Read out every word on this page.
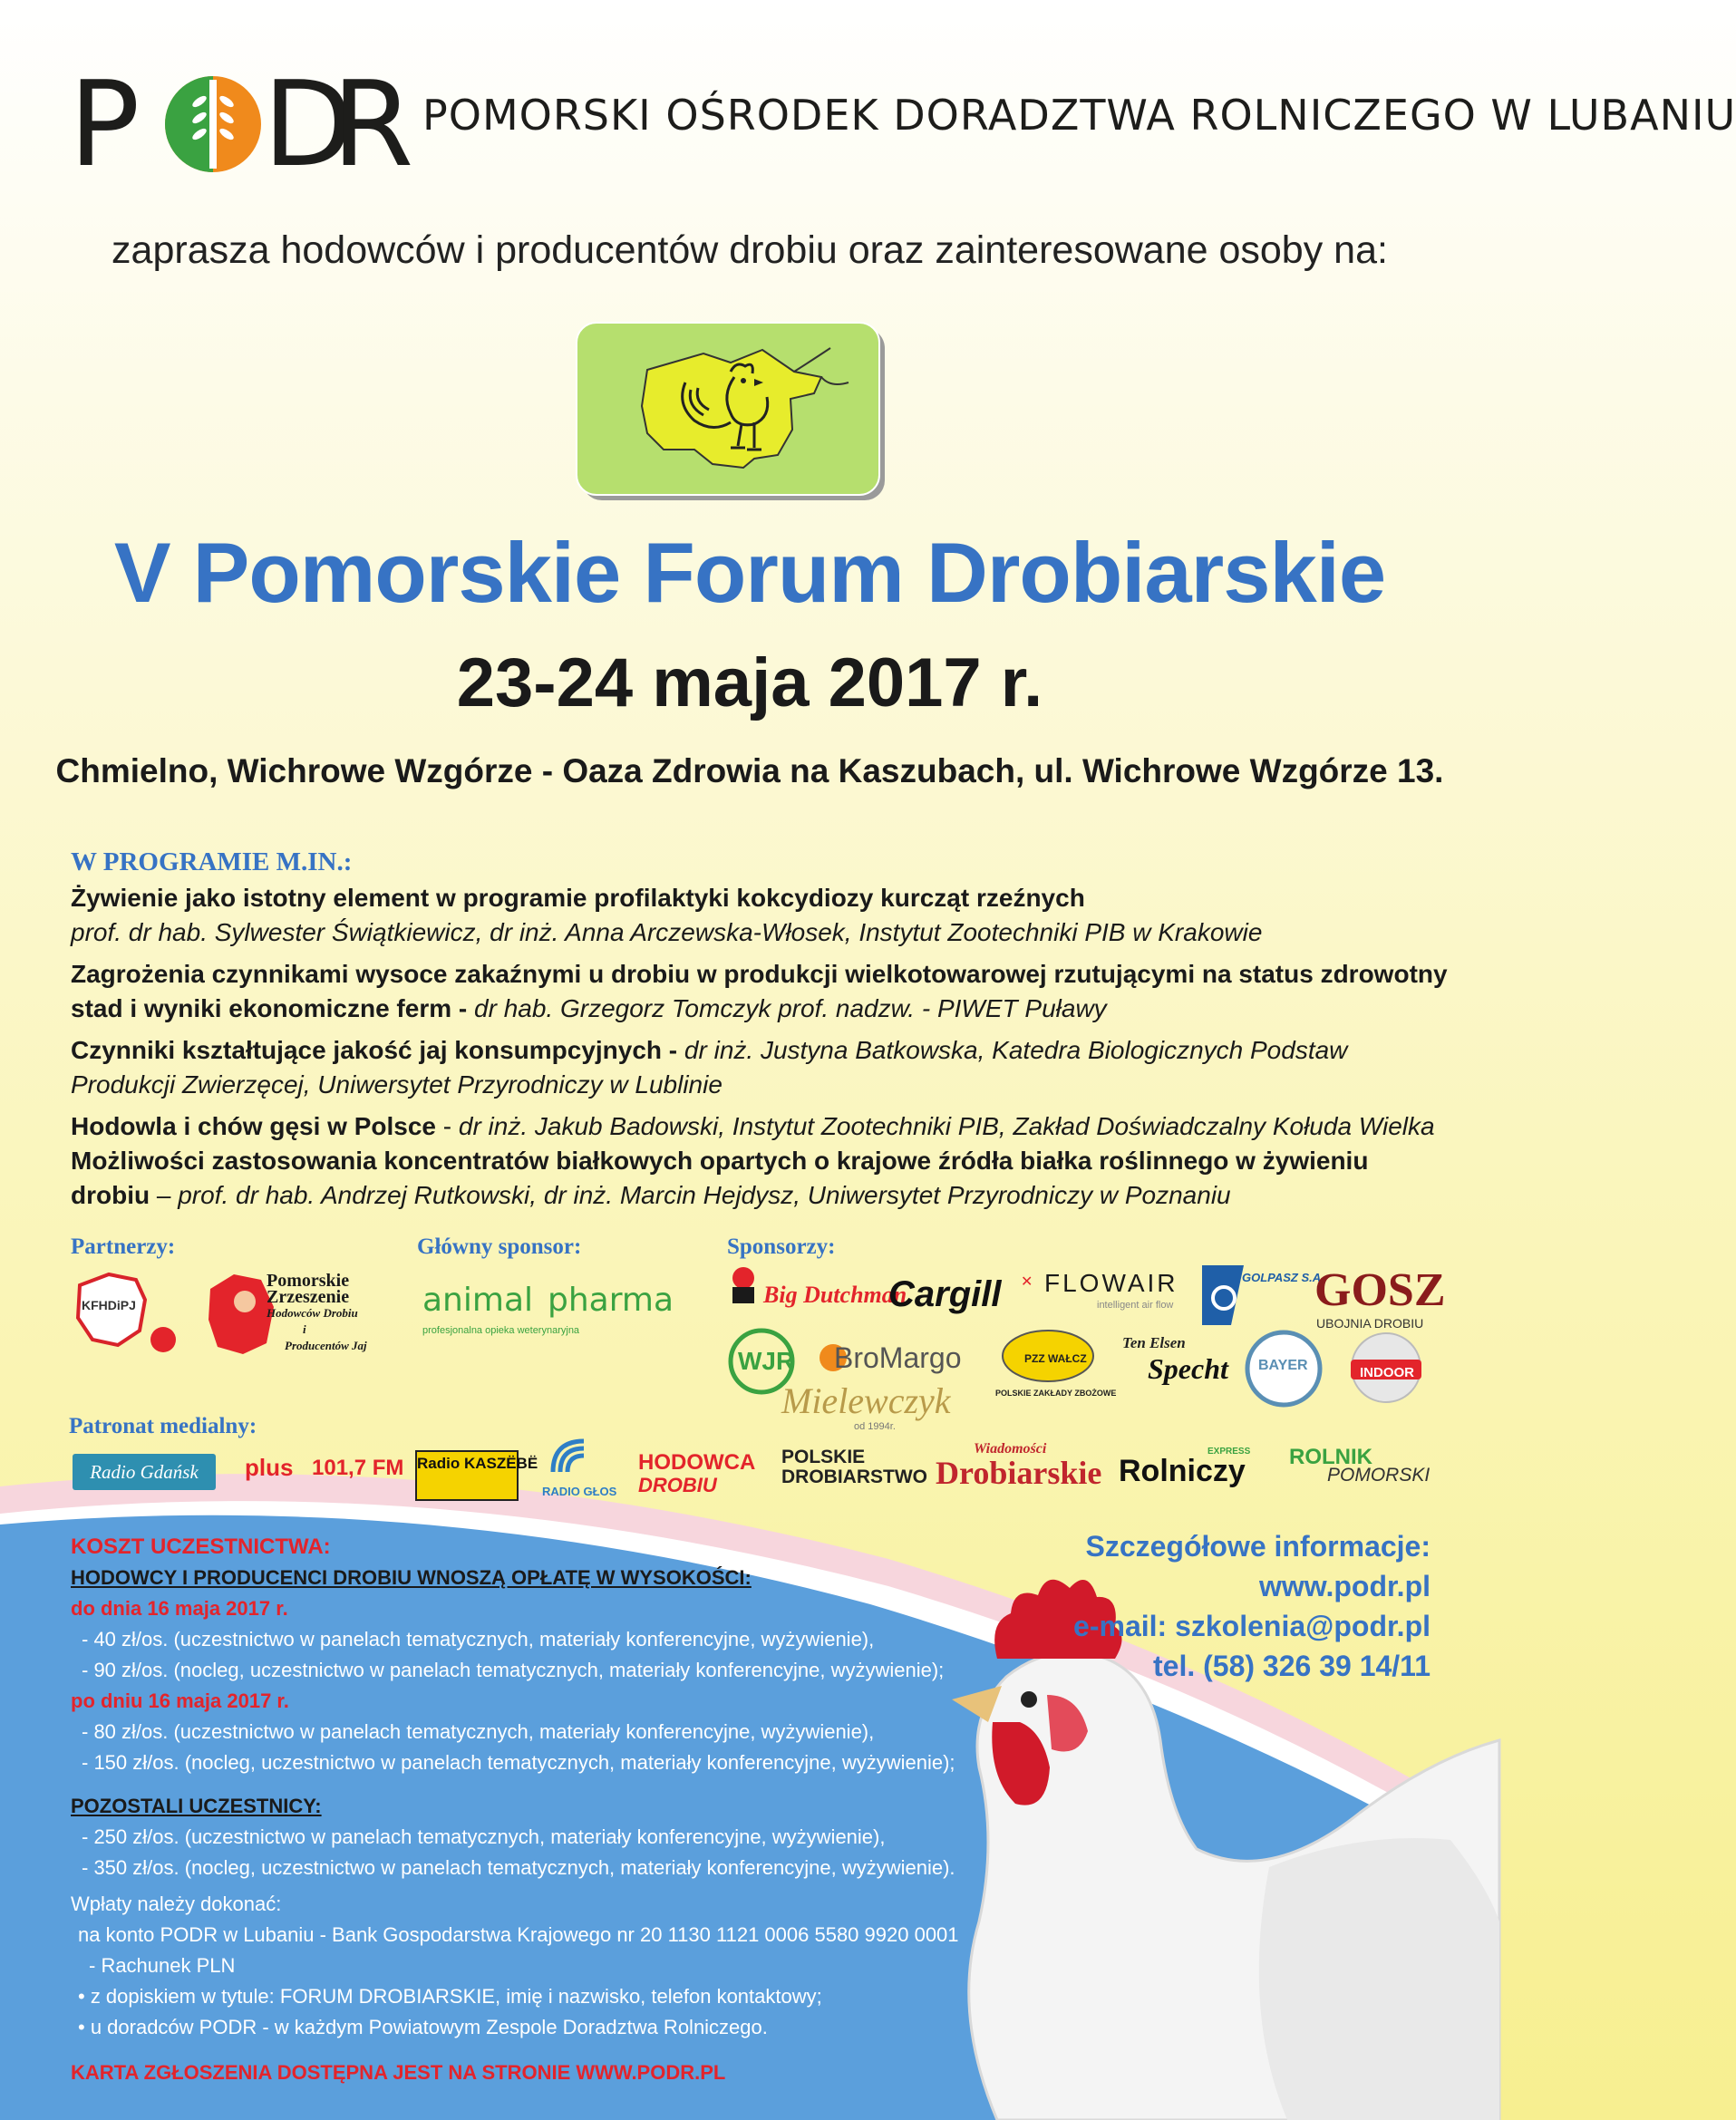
P D
R POMORSKI OŚRODEK DORADZTWA ROLNICZEGO W LUBANIU
zaprasza hodowców i producentów drobiu oraz zainteresowane osoby na:
V Pomorskie Forum Drobiarskie
23-24 maja 2017 r.
Chmielno, Wichrowe Wzgórze - Oaza Zdrowia na Kaszubach, ul. Wichrowe Wzgórze 13.
W PROGRAMIE M.IN.:
Żywienie jako istotny element w programie profilaktyki kokcydiozy kurcząt rzeźnych
prof. dr hab. Sylwester Świątkiewicz, dr inż. Anna Arczewska-Włosek, Instytut Zootechniki PIB w Krakowie
Zagrożenia czynnikami wysoce zakaźnymi u drobiu w produkcji wielkotowarowej rzutującymi na status zdrowotny stad i wyniki ekonomiczne ferm - dr hab. Grzegorz Tomczyk prof. nadzw. - PIWET Puławy
Czynniki kształtujące jakość jaj konsumpcyjnych - dr inż. Justyna Batkowska, Katedra Biologicznych Podstaw Produkcji Zwierzęcej, Uniwersytet Przyrodniczy w Lublinie
Hodowla i chów gęsi w Polsce - dr inż. Jakub Badowski, Instytut Zootechniki PIB, Zakład Doświadczalny Kołuda Wielka
Możliwości zastosowania koncentratów białkowych opartych o krajowe źródła białka roślinnego w żywieniu drobiu – prof. dr hab. Andrzej Rutkowski, dr inż. Marcin Hejdysz, Uniwersytet Przyrodniczy w Poznaniu
Partnerzy:
KFHDiPJ
Pomorskie
Zrzeszenie
Hodowców Drobiu
i
Producentów Jaj
Główny sponsor:
animal pharma
profesjonalna opieka weterynaryjna
Sponsorzy:
Big Dutchman.
Cargill ✕ FLOWAIR
intelligent air flow
GOLPASZ S.A
GOSZ
UBOJNIA DROBIU
WJR BroMargo
Mielewczyk
od 1994r.
PZZ WAŁCZ
POLSKIE ZAKŁADY ZBOŻOWE
Ten Elsen
Specht BAYER	INDOOR
Patronat medialny:
Radio Gdańsk	plus 101,7 FM Radio KASZËBË
RADIO GŁOS
HODOWCA
DROBIU
POLSKIE
DROBIARSTWO
Wiadomości
Drobiarskie Rolniczy
EXPRESS ROLNIK
POMORSKI
KOSZT UCZESTNICTWA:
HODOWCY I PRODUCENCI DROBIU WNOSZĄ OPŁATĘ W WYSOKOŚCI:
do dnia 16 maja 2017 r.
- 40 zł/os. (uczestnictwo w panelach tematycznych, materiały konferencyjne, wyżywienie),
- 90 zł/os. (nocleg, uczestnictwo w panelach tematycznych, materiały konferencyjne, wyżywienie);
po dniu 16 maja 2017 r.
- 80 zł/os. (uczestnictwo w panelach tematycznych, materiały konferencyjne, wyżywienie),
- 150 zł/os. (nocleg, uczestnictwo w panelach tematycznych, materiały konferencyjne, wyżywienie);
POZOSTALI UCZESTNICY:
- 250 zł/os. (uczestnictwo w panelach tematycznych, materiały konferencyjne, wyżywienie),
- 350 zł/os. (nocleg, uczestnictwo w panelach tematycznych, materiały konferencyjne, wyżywienie).
Wpłaty należy dokonać:
na konto PODR w Lubaniu - Bank Gospodarstwa Krajowego nr 20 1130 1121 0006 5580 9920 0001
- Rachunek PLN
• z dopiskiem w tytule: FORUM DROBIARSKIE, imię i nazwisko, telefon kontaktowy;
• u doradców PODR - w każdym Powiatowym Zespole Doradztwa Rolniczego.
KARTA ZGŁOSZENIA DOSTĘPNA JEST NA STRONIE WWW.PODR.PL
Szczegółowe informacje:
www.podr.pl
e-mail: szkolenia@podr.pl
tel. (58) 326 39 14/11
